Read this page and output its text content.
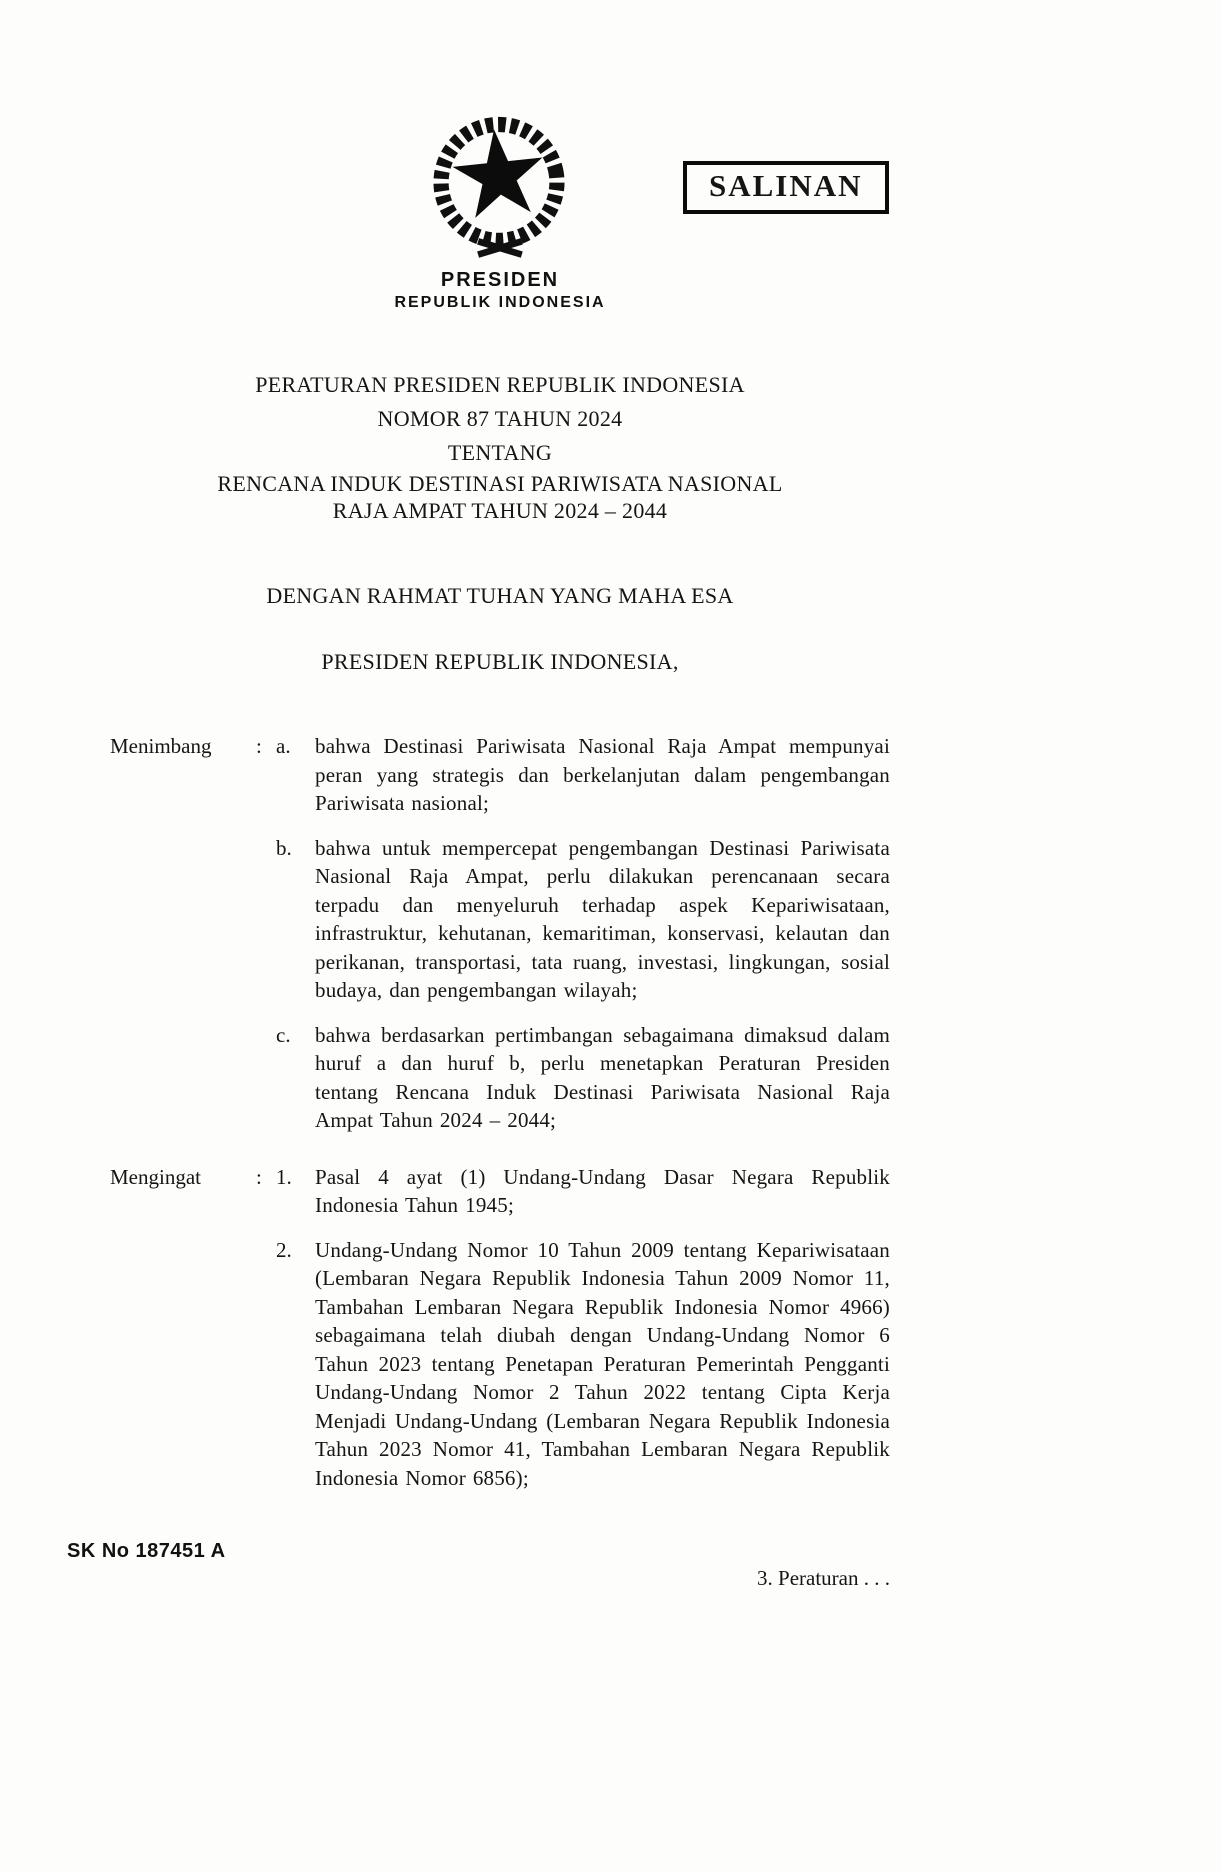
SALINAN
PRESIDEN
REPUBLIK INDONESIA
PERATURAN PRESIDEN REPUBLIK INDONESIA
NOMOR 87 TAHUN 2024
TENTANG
RENCANA INDUK DESTINASI PARIWISATA NASIONAL
RAJA AMPAT TAHUN 2024 – 2044
DENGAN RAHMAT TUHAN YANG MAHA ESA
PRESIDEN REPUBLIK INDONESIA,
Menimbang	: a.	bahwa Destinasi Pariwisata Nasional Raja Ampat mempunyai peran yang strategis dan berkelanjutan dalam pengembangan Pariwisata nasional;
b.	bahwa untuk mempercepat pengembangan Destinasi Pariwisata Nasional Raja Ampat, perlu dilakukan perencanaan secara terpadu dan menyeluruh terhadap aspek Kepariwisataan, infrastruktur, kehutanan, kemaritiman, konservasi, kelautan dan perikanan, transportasi, tata ruang, investasi, lingkungan, sosial budaya, dan pengembangan wilayah;
c.	bahwa berdasarkan pertimbangan sebagaimana dimaksud dalam huruf a dan huruf b, perlu menetapkan Peraturan Presiden tentang Rencana Induk Destinasi Pariwisata Nasional Raja Ampat Tahun 2024 – 2044;
Mengingat	: 1.	Pasal 4 ayat (1) Undang-Undang Dasar Negara Republik Indonesia Tahun 1945;
2.	Undang-Undang Nomor 10 Tahun 2009 tentang Kepariwisataan (Lembaran Negara Republik Indonesia Tahun 2009 Nomor 11, Tambahan Lembaran Negara Republik Indonesia Nomor 4966) sebagaimana telah diubah dengan Undang-Undang Nomor 6 Tahun 2023 tentang Penetapan Peraturan Pemerintah Pengganti Undang-Undang Nomor 2 Tahun 2022 tentang Cipta Kerja Menjadi Undang-Undang (Lembaran Negara Republik Indonesia Tahun 2023 Nomor 41, Tambahan Lembaran Negara Republik Indonesia Nomor 6856);
3. Peraturan . . .
SK No 187451 A
